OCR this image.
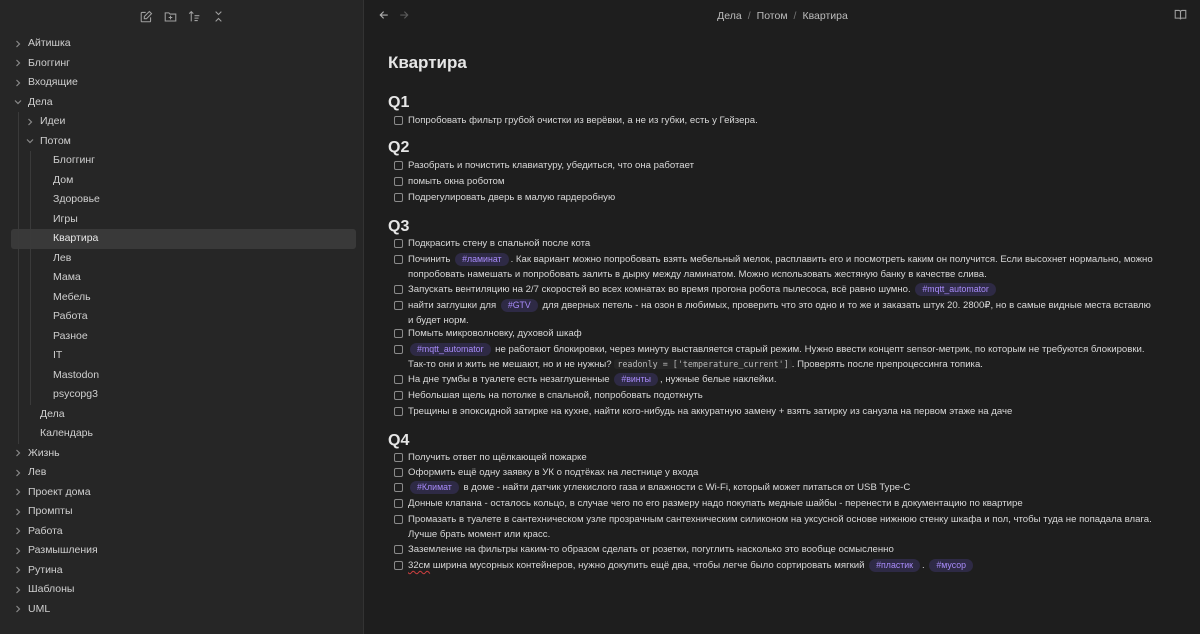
Айтишка
Блоггинг
Входящие
Дела
Идеи
Потом
Блоггинг
Дом
Здоровье
Игры
Квартира
Лев
Мама
Мебель
Работа
Разное
IT
Mastodon
psycopg3
Дела
Календарь
Жизнь
Лев
Проект дома
Промпты
Работа
Размышления
Рутина
Шаблоны
UML
Дела / Потом / Квартира
Квартира
Q1
Попробовать фильтр грубой очистки из верёвки, а не из губки, есть у Гейзера.
Q2
Разобрать и почистить клавиатуру, убедиться, что она работает
помыть окна роботом
Подрегулировать дверь в малую гардеробную
Q3
Подкрасить стену в спальной после кота
Починить #ламинат . Как вариант можно попробовать взять мебельный мелок, расплавить его и посмотреть каким он получится. Если высохнет нормально, можно попробовать намешать и попробовать залить в дырку между ламинатом. Можно использовать жестяную банку в качестве слива.
Запускать вентиляцию на 2/7 скоростей во всех комнатах во время прогона робота пылесоса, всё равно шумно. #mqtt_automator
найти заглушки для #GTV для дверных петель - на озон в любимых, проверить что это одно и то же и заказать штук 20. 2800₽, но в самые видные места вставлю и будет норм.
Помыть микроволновку, духовой шкаф
#mqtt_automator не работают блокировки, через минуту выставляется старый режим. Нужно ввести концепт sensor-метрик, по которым не требуются блокировки. Так-то они и жить не мешают, но и не нужны? readonly = ['temperature_current'] . Проверять после препроцессинга топика.
На дне тумбы в туалете есть незаглушенные #винты , нужные белые наклейки.
Небольшая щель на потолке в спальной, попробовать подоткнуть
Трещины в эпоксидной затирке на кухне, найти кого-нибудь на аккуратную замену + взять затирку из санузла на первом этаже на даче
Q4
Получить ответ по щёлкающей пожарке
Оформить ещё одну заявку в УК о подтёках на лестнице у входа
#Климат в доме - найти датчик углекислого газа и влажности с Wi-Fi, который может питаться от USB Type-C
Донные клапана - осталось кольцо, в случае чего по его размеру надо покупать медные шайбы - перенести в документацию по квартире
Промазать в туалете в сантехническом узле прозрачным сантехническим силиконом на уксусной основе нижнюю стенку шкафа и пол, чтобы туда не попадала влага. Лучше брать момент или красс.
Заземление на фильтры каким-то образом сделать от розетки, погуглить насколько это вообще осмысленно
32см ширина мусорных контейнеров, нужно докупить ещё два, чтобы легче было сортировать мягкий #пластик . #мусор
